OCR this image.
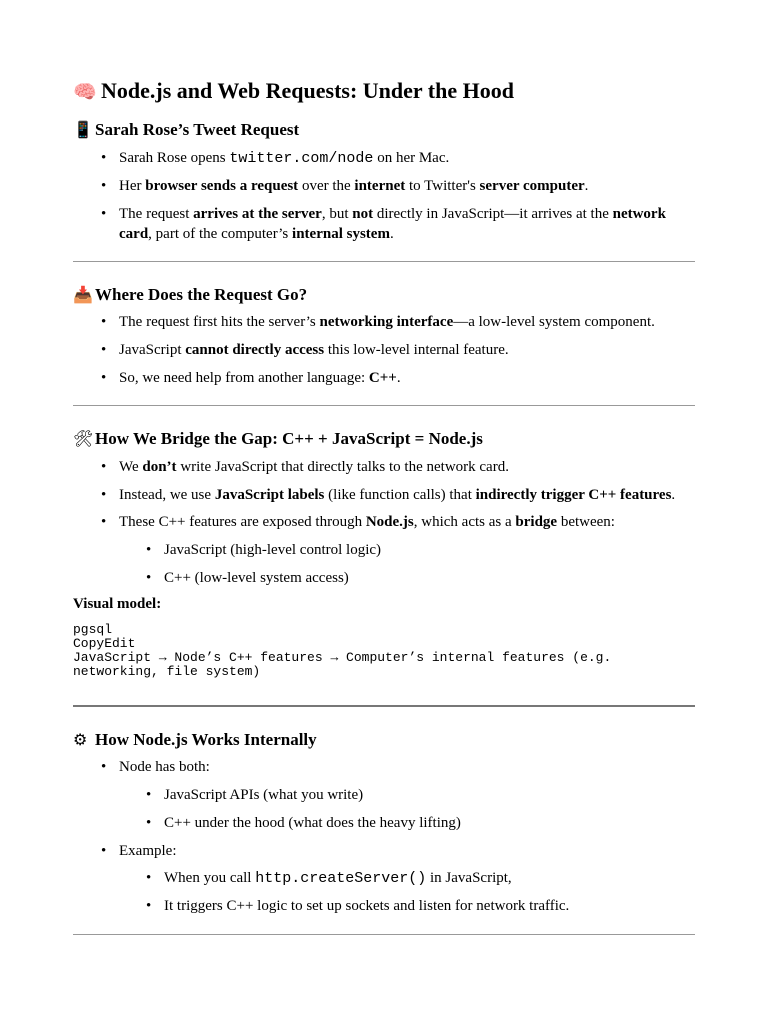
🧠 Node.js and Web Requests: Under the Hood
📱 Sarah Rose’s Tweet Request
• Sarah Rose opens twitter.com/node on her Mac.
• Her browser sends a request over the internet to Twitter's server computer.
• The request arrives at the server, but not directly in JavaScript—it arrives at the network card, part of the computer’s internal system.
📥 Where Does the Request Go?
• The request first hits the server’s networking interface—a low-level system component.
• JavaScript cannot directly access this low-level internal feature.
• So, we need help from another language: C++.
🛠How We Bridge the Gap: C++ + JavaScript = Node.js
• We don’t write JavaScript that directly talks to the network card.
• Instead, we use JavaScript labels (like function calls) that indirectly trigger C++ features.
• These C++ features are exposed through Node.js, which acts as a bridge between:
• JavaScript (high-level control logic)
• C++ (low-level system access)
Visual model:
pgsql
CopyEdit
JavaScript → Node’s C++ features → Computer’s internal features (e.g.
networking, file system)
⚙ How Node.js Works Internally
• Node has both:
• JavaScript APIs (what you write)
• C++ under the hood (what does the heavy lifting)
• Example:
• When you call http.createServer() in JavaScript,
• It triggers C++ logic to set up sockets and listen for network traffic.
